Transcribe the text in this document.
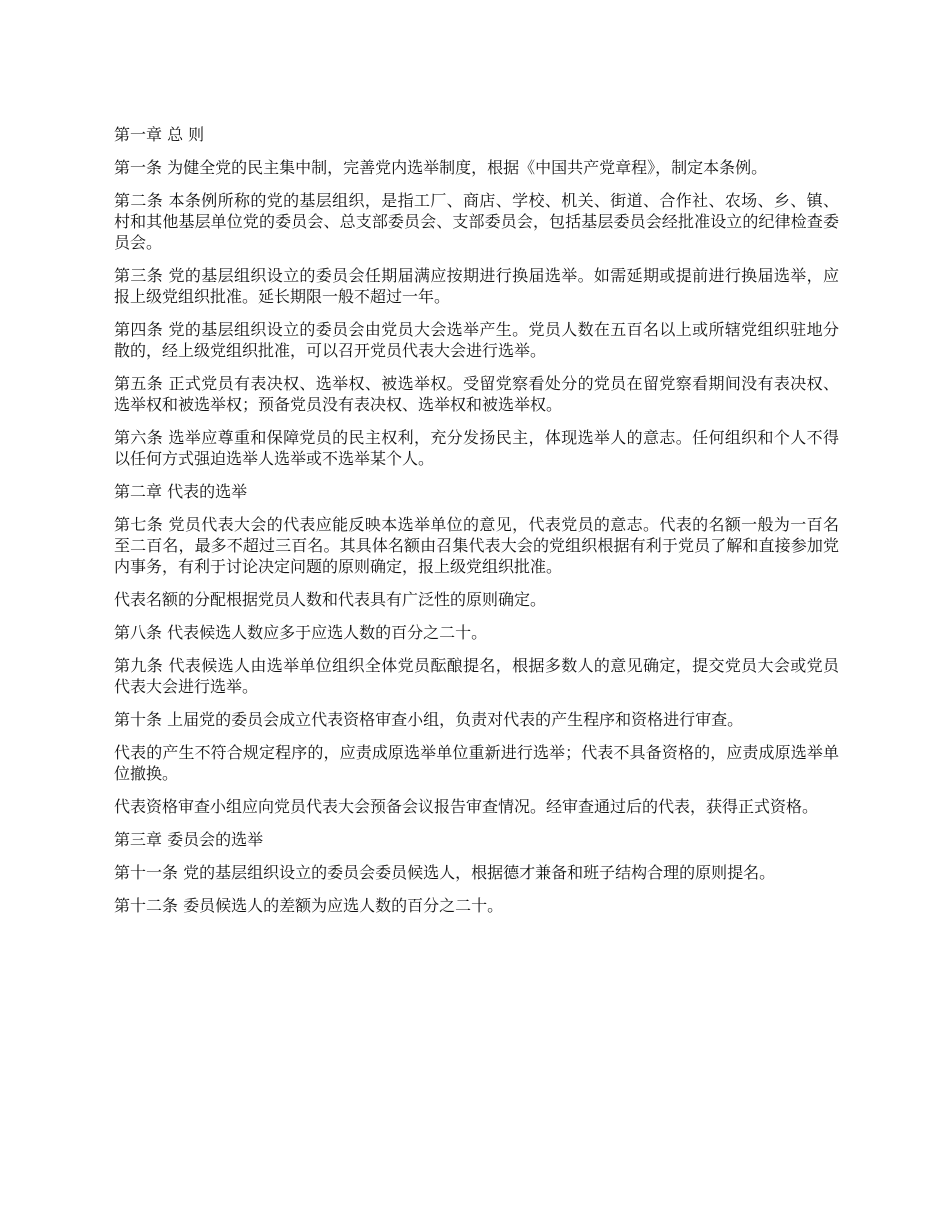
第一章 总 则

第一条 为健全党的民主集中制，完善党内选举制度，根据《中国共产党章程》，制定本条例。

第二条 本条例所称的党的基层组织，是指工厂、商店、学校、机关、街道、合作社、农场、乡、镇、村和其他基层单位党的委员会、总支部委员会、支部委员会，包括基层委员会经批准设立的纪律检查委员会。

第三条 党的基层组织设立的委员会任期届满应按期进行换届选举。如需延期或提前进行换届选举，应报上级党组织批准。延长期限一般不超过一年。

第四条 党的基层组织设立的委员会由党员大会选举产生。党员人数在五百名以上或所辖党组织驻地分散的，经上级党组织批准，可以召开党员代表大会进行选举。

第五条 正式党员有表决权、选举权、被选举权。受留党察看处分的党员在留党察看期间没有表决权、选举权和被选举权；预备党员没有表决权、选举权和被选举权。

第六条 选举应尊重和保障党员的民主权利，充分发扬民主，体现选举人的意志。任何组织和个人不得以任何方式强迫选举人选举或不选举某个人。

第二章 代表的选举

第七条 党员代表大会的代表应能反映本选举单位的意见，代表党员的意志。代表的名额一般为一百名至二百名，最多不超过三百名。其具体名额由召集代表大会的党组织根据有利于党员了解和直接参加党内事务，有利于讨论决定问题的原则确定，报上级党组织批准。

代表名额的分配根据党员人数和代表具有广泛性的原则确定。

第八条 代表候选人数应多于应选人数的百分之二十。

第九条 代表候选人由选举单位组织全体党员酝酿提名，根据多数人的意见确定，提交党员大会或党员代表大会进行选举。

第十条 上届党的委员会成立代表资格审查小组，负责对代表的产生程序和资格进行审查。

代表的产生不符合规定程序的，应责成原选举单位重新进行选举；代表不具备资格的，应责成原选举单位撤换。

代表资格审查小组应向党员代表大会预备会议报告审查情况。经审查通过后的代表，获得正式资格。

第三章 委员会的选举

第十一条 党的基层组织设立的委员会委员候选人，根据德才兼备和班子结构合理的原则提名。

第十二条 委员候选人的差额为应选人数的百分之二十。
